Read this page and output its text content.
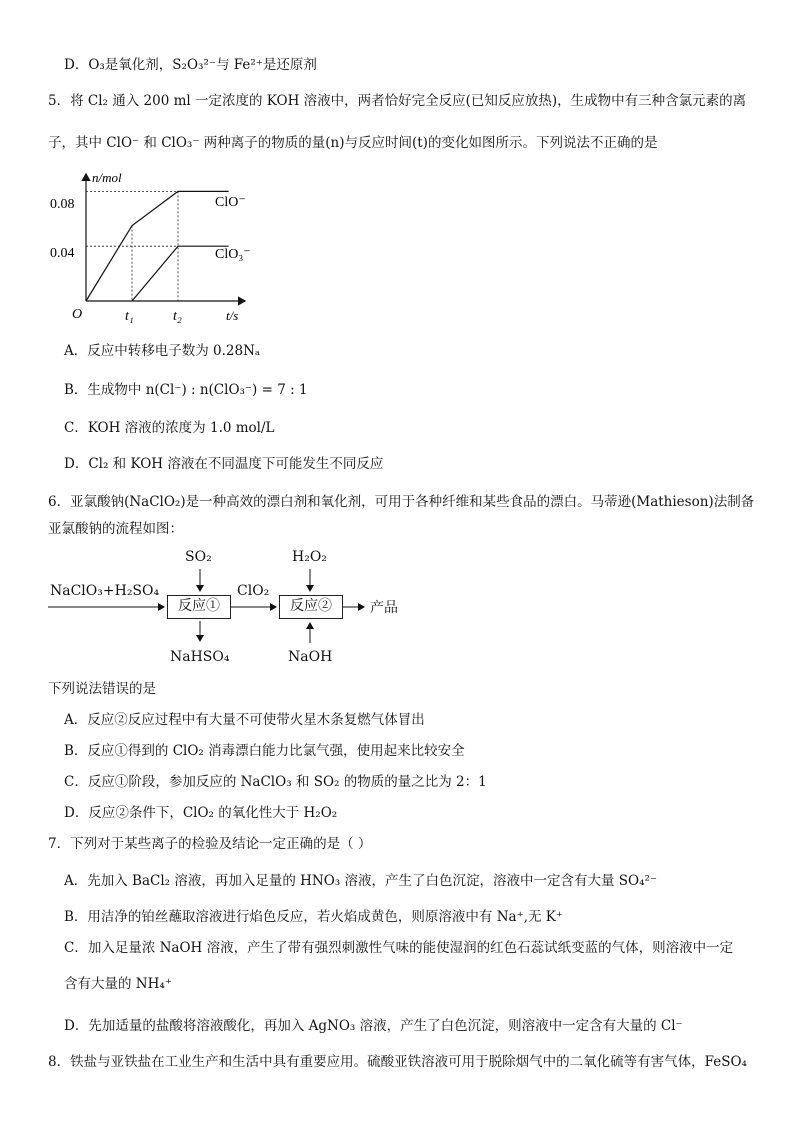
D．O₃是氧化剂，S₂O₃²⁻与 Fe²⁺是还原剂
5．将 Cl₂ 通入 200 ml 一定浓度的 KOH 溶液中，两者恰好完全反应(已知反应放热)，生成物中有三种含氯元素的离
子，其中 ClO⁻ 和 ClO₃⁻ 两种离子的物质的量(n)与反应时间(t)的变化如图所示。下列说法不正确的是
n/mol
t/s
O
0.08
0.04
t₁	t₂
ClO⁻
ClO₃⁻
A．反应中转移电子数为 0.28Nₐ
B．生成物中 n(Cl⁻) : n(ClO₃⁻) = 7 : 1
C．KOH 溶液的浓度为 1.0 mol/L
D．Cl₂ 和 KOH 溶液在不同温度下可能发生不同反应
6．亚氯酸钠(NaClO₂)是一种高效的漂白剂和氧化剂，可用于各种纤维和某些食品的漂白。马蒂逊(Mathieson)法制备
亚氯酸钠的流程如图：
NaClO₃+H₂SO₄
SO₂
反应①
NaHSO₄
ClO₂
H₂O₂
反应②
NaOH
产品
下列说法错误的是
A．反应②反应过程中有大量不可使带火星木条复燃气体冒出
B．反应①得到的 ClO₂ 消毒漂白能力比氯气强，使用起来比较安全
C．反应①阶段，参加反应的 NaClO₃ 和 SO₂ 的物质的量之比为 2：1
D．反应②条件下，ClO₂ 的氧化性大于 H₂O₂
7．下列对于某些离子的检验及结论一定正确的是（ ）
A．先加入 BaCl₂ 溶液，再加入足量的 HNO₃ 溶液，产生了白色沉淀，溶液中一定含有大量 SO₄²⁻
B．用洁净的铂丝蘸取溶液进行焰色反应，若火焰成黄色，则原溶液中有 Na⁺,无 K⁺
C．加入足量浓 NaOH 溶液，产生了带有强烈刺激性气味的能使湿润的红色石蕊试纸变蓝的气体，则溶液中一定
含有大量的 NH₄⁺
D．先加适量的盐酸将溶液酸化，再加入 AgNO₃ 溶液，产生了白色沉淀，则溶液中一定含有大量的 Cl⁻
8．铁盐与亚铁盐在工业生产和生活中具有重要应用。硫酸亚铁溶液可用于脱除烟气中的二氧化硫等有害气体，FeSO₄
